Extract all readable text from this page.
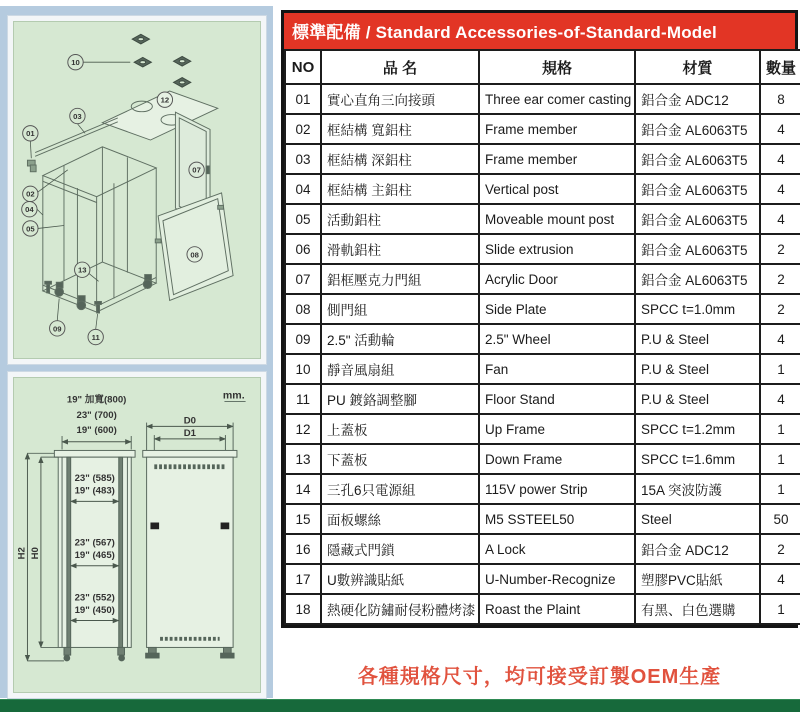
01
02
03
04
05
07
08
09
10
11
12
13
mm.
19" 加寬(800)
23" (700)
19" (600)
23" (585)
19" (483)
23" (567)
19" (465)
23" (552)
19" (450)
H2 H0
D0
D1
標準配備 / Standard Accessories-of-Standard-Model
NO	品 名	規格	材質	數量
01	實心直角三向接頭	Three ear comer casting	鋁合金 ADC12	8
02	框結構 寬鋁柱	Frame member	鋁合金 AL6063T5	4
03	框結構 深鋁柱	Frame member	鋁合金 AL6063T5	4
04	框結構 主鋁柱	Vertical post	鋁合金 AL6063T5	4
05	活動鋁柱	Moveable mount post	鋁合金 AL6063T5	4
06	滑軌鋁柱	Slide extrusion	鋁合金 AL6063T5	2
07	鋁框壓克力門組	Acrylic Door	鋁合金 AL6063T5	2
08	側門組	Side Plate	SPCC t=1.0mm	2
09	2.5" 活動輪	2.5" Wheel	P.U & Steel	4
10	靜音風扇組	Fan	P.U & Steel	1
11	PU 鍍鉻調整腳	Floor Stand	P.U & Steel	4
12	上蓋板	Up Frame	SPCC t=1.2mm	1
13	下蓋板	Down Frame	SPCC t=1.6mm	1
14	三孔6只電源組	115V power Strip	15A 突波防護	1
15	面板螺絲	M5 SSTEEL50	Steel	50
16	隱藏式門鎖	A Lock	鋁合金 ADC12	2
17	U數辨識貼紙	U-Number-Recognize	塑膠PVC貼紙	4
18	熱硬化防鏽耐侵粉體烤漆	Roast the Plaint	有黑、白色選購	1
各種規格尺寸，均可接受訂製OEM生產
